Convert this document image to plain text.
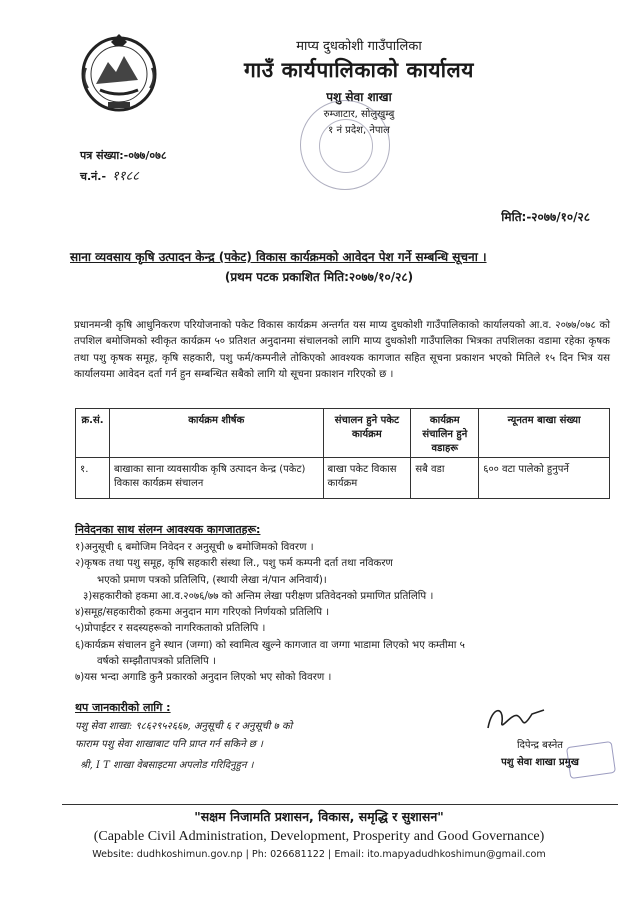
माप्य दुधकोशी गाउँपालिका
गाउँ कार्यपालिकाको कार्यालय
पशु सेवा शाखा
रुम्जाटार, सोलुखुम्बु
१ नं प्रदेश, नेपाल
पत्र संख्या:-०७७/०७८
च.नं.- ११८८
मिति:-२०७७/१०/२८
साना व्यवसाय कृषि उत्पादन केन्द्र (पकेट) विकास कार्यक्रमको आवेदन पेश गर्ने सम्बन्धि सूचना ।
(प्रथम पटक प्रकाशित मिति:२०७७/१०/२८)
प्रधानमन्त्री कृषि आधुनिकरण परियोजनाको पकेट विकास कार्यक्रम अन्तर्गत यस माप्य दुधकोशी गाउँपालिकाको कार्यालयको आ.व. २०७७/०७८ को तपशिल बमोजिमको स्वीकृत कार्यक्रम ५० प्रतिशत अनुदानमा संचालनको लागि माप्य दुधकोशी गाउँपालिका भित्रका तपशिलका वडामा रहेका कृषक तथा पशु कृषक समूह, कृषि सहकारी, पशु फर्म/कम्पनीले तोकिएको आवश्यक कागजात सहित सूचना प्रकाशन भएको मितिले १५ दिन भित्र यस कार्यालयमा आवेदन दर्ता गर्न हुन सम्बन्धित सबैको लागि यो सूचना प्रकाशन गरिएको छ ।
क्र.सं.	कार्यक्रम शीर्षक	संचालन हुने पकेट कार्यक्रम	कार्यक्रम संचालिन हुने वडाहरू	न्यूनतम बाखा संख्या
१.	बाखाका साना व्यवसायीक कृषि उत्पादन केन्द्र (पकेट) विकास कार्यक्रम संचालन	बाखा पकेट विकास कार्यक्रम	सबै वडा	६०० वटा पालेको हुनुपर्ने
निवेदनका साथ संलग्न आवश्यक कागजातहरू:
१)अनुसूची ६ बमोजिम निवेदन र अनुसूची ७ बमोजिमको विवरण ।
२)कृषक तथा पशु समूह, कृषि सहकारी संस्था लि., पशु फर्म कम्पनी दर्ता तथा नविकरण
भएको प्रमाण पत्रको प्रतिलिपि, (स्थायी लेखा नं/पान अनिवार्य)।
३)सहकारीको हकमा आ.व.२०७६/७७ को अन्तिम लेखा परीक्षण प्रतिवेदनको प्रमाणित प्रतिलिपि ।
४)समूह/सहकारीको हकमा अनुदान माग गरिएको निर्णयको प्रतिलिपि ।
५)प्रोपाईटर र सदस्यहरूको नागरिकताको प्रतिलिपि ।
६)कार्यक्रम संचालन हुने स्थान (जग्गा) को स्वामित्व खुल्ने कागजात वा जग्गा भाडामा लिएको भए कम्तीमा ५
वर्षको सम्झौतापत्रको प्रतिलिपि ।
७)यस भन्दा अगाडि कुनै प्रकारको अनुदान लिएको भए सोको विवरण ।
थप जानकारीको लागि :
पशु सेवा शाखा: ९८६२९५२६६७, अनुसूची ६ र अनुसूची ७ को
फाराम पशु सेवा शाखाबाट पनि प्राप्त गर्न सकिने छ ।
श्री, I T शाखा वेबसाइटमा अपलोड गरिदिनुहुन ।
दिपेन्द्र बस्नेत
पशु सेवा शाखा प्रमुख
"सक्षम निजामति प्रशासन, विकास, समृद्धि र सुशासन"
(Capable Civil Administration, Development, Prosperity and Good Governance)
Website: dudhkoshimun.gov.np | Ph: 026681122 | Email: ito.mapyadudhkoshimun@gmail.com
